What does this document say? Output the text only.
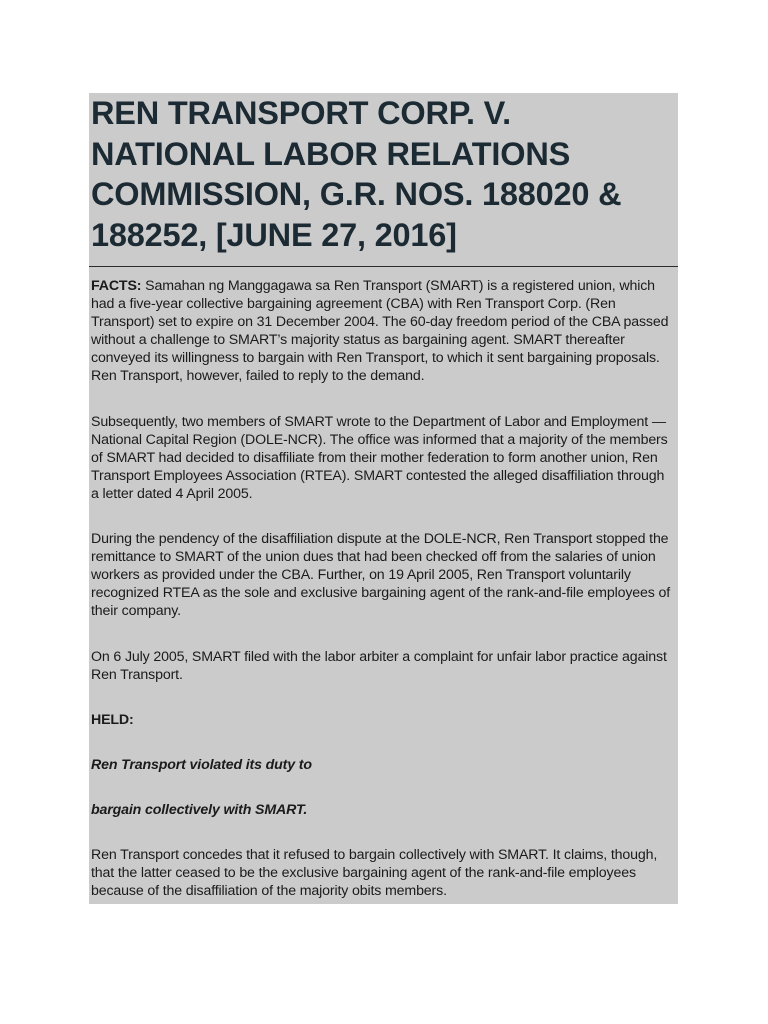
REN TRANSPORT CORP. V. NATIONAL LABOR RELATIONS COMMISSION, G.R. NOS. 188020 & 188252, [JUNE 27, 2016]

FACTS: Samahan ng Manggagawa sa Ren Transport (SMART) is a registered union, which had a five-year collective bargaining agreement (CBA) with Ren Transport Corp. (Ren Transport) set to expire on 31 December 2004. The 60-day freedom period of the CBA passed without a challenge to SMART’s majority status as bargaining agent. SMART thereafter conveyed its willingness to bargain with Ren Transport, to which it sent bargaining proposals. Ren Transport, however, failed to reply to the demand.

Subsequently, two members of SMART wrote to the Department of Labor and Employment — National Capital Region (DOLE-NCR). The office was informed that a majority of the members of SMART had decided to disaffiliate from their mother federation to form another union, Ren Transport Employees Association (RTEA). SMART contested the alleged disaffiliation through a letter dated 4 April 2005.

During the pendency of the disaffiliation dispute at the DOLE-NCR, Ren Transport stopped the remittance to SMART of the union dues that had been checked off from the salaries of union workers as provided under the CBA. Further, on 19 April 2005, Ren Transport voluntarily recognized RTEA as the sole and exclusive bargaining agent of the rank-and-file employees of their company.

On 6 July 2005, SMART filed with the labor arbiter a complaint for unfair labor practice against Ren Transport.

HELD:

Ren Transport violated its duty to

bargain collectively with SMART.

Ren Transport concedes that it refused to bargain collectively with SMART. It claims, though, that the latter ceased to be the exclusive bargaining agent of the rank-and-file employees because of the disaffiliation of the majority obits members.
